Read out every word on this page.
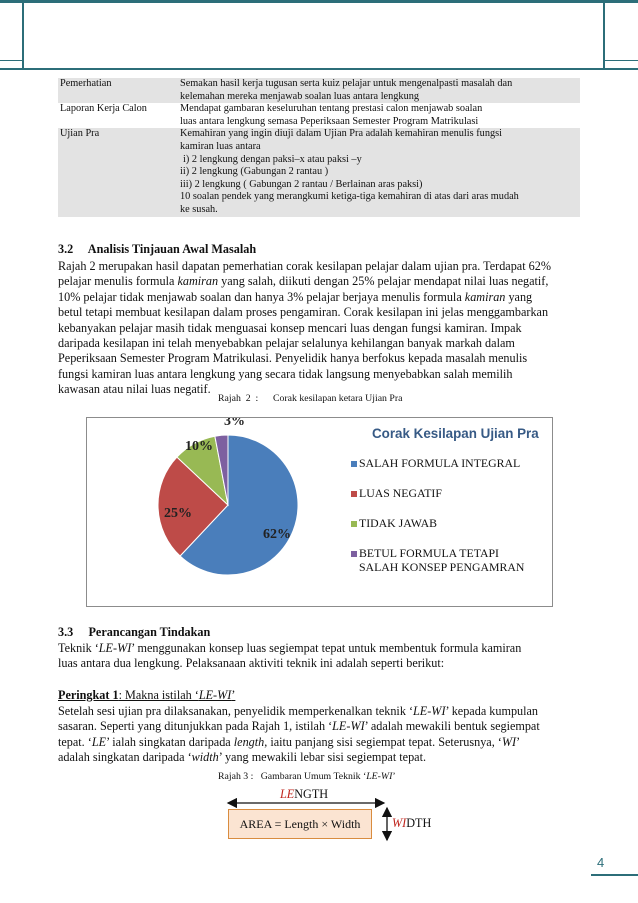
Pemerhatian	Semakan hasil kerja tugusan serta kuiz pelajar untuk mengenalpasti masalah dan
kelemahan mereka menjawab soalan luas antara lengkung
Laporan Kerja Calon	Mendapat gambaran keseluruhan tentang prestasi calon menjawab soalan
luas antara lengkung semasa Peperiksaan Semester Program Matrikulasi
Ujian Pra	Kemahiran yang ingin diuji dalam Ujian Pra adalah kemahiran menulis fungsi
kamiran luas antara
i) 2 lengkung dengan paksi–x atau paksi –y
ii) 2 lengkung (Gabungan 2 rantau )
iii) 2 lengkung ( Gabungan 2 rantau / Berlainan aras paksi)
10 soalan pendek yang merangkumi ketiga-tiga kemahiran di atas dari aras mudah
ke susah.
3.2     Analisis Tinjauan Awal Masalah
Rajah 2 merupakan hasil dapatan pemerhatian corak kesilapan pelajar dalam ujian pra. Terdapat 62%
pelajar menulis formula kamiran yang salah, diikuti dengan 25% pelajar mendapat nilai luas negatif,
10% pelajar tidak menjawab soalan dan hanya 3% pelajar berjaya menulis formula kamiran yang
betul tetapi membuat kesilapan dalam proses pengamiran. Corak kesilapan ini jelas menggambarkan
kebanyakan pelajar masih tidak menguasai konsep mencari luas dengan fungsi kamiran. Impak
daripada kesilapan ini telah menyebabkan pelajar selalunya kehilangan banyak markah dalam
Peperiksaan Semester Program Matrikulasi. Penyelidik hanya berfokus kepada masalah menulis
fungsi kamiran luas antara lengkung yang secara tidak langsung menyebabkan salah memilih
kawasan atau nilai luas negatif.
Rajah  2  :      Corak kesilapan ketara Ujian Pra
62%
25%
10%
3%
Corak Kesilapan Ujian Pra
SALAH FORMULA INTEGRAL
LUAS NEGATIF
TIDAK JAWAB
BETUL FORMULA TETAPI
SALAH KONSEP PENGAMRAN
3.3     Perancangan Tindakan
Teknik ‘LE-WI’ menggunakan konsep luas segiempat tepat untuk membentuk formula kamiran
luas antara dua lengkung. Pelaksanaan aktiviti teknik ini adalah seperti berikut:
Peringkat 1: Makna istilah ‘LE-WI’
Setelah sesi ujian pra dilaksanakan, penyelidik memperkenalkan teknik ‘LE-WI’ kepada kumpulan
sasaran. Seperti yang ditunjukkan pada Rajah 1, istilah ‘LE-WI’ adalah mewakili bentuk segiempat
tepat. ‘LE’ ialah singkatan daripada length, iaitu panjang sisi segiempat tepat. Seterusnya, ‘WI’
adalah singkatan daripada ‘width’ yang mewakili lebar sisi segiempat tepat.
Rajah 3 :   Gambaran Umum Teknik ‘LE-WI’
LENGTH
AREA = Length × Width	WIDTH
4
